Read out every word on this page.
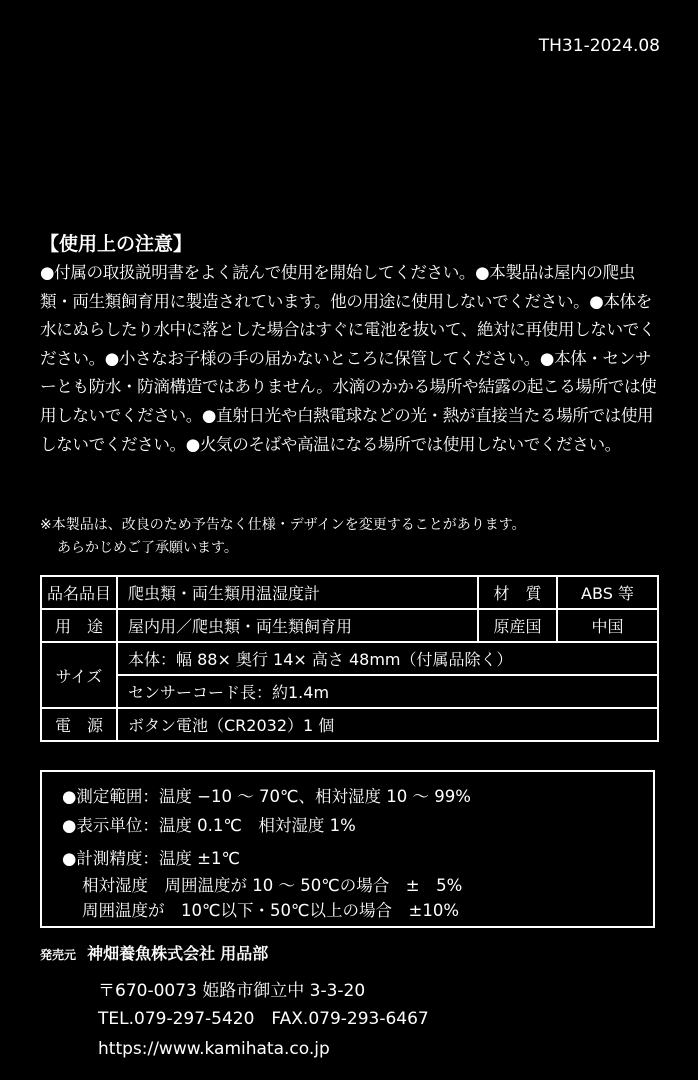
TH31-2024.08
【使用上の注意】
●付属の取扱説明書をよく読んで使用を開始してください。●本製品は屋内の爬虫類・両生類飼育用に製造されています。他の用途に使用しないでください。●本体を水にぬらしたり水中に落とした場合はすぐに電池を抜いて、絶対に再使用しないでください。●小さなお子様の手の届かないところに保管してください。●本体・センサーとも防水・防滴構造ではありません。水滴のかかる場所や結露の起こる場所では使用しないでください。●直射日光や白熱電球などの光・熱が直接当たる場所では使用しないでください。●火気のそばや高温になる場所では使用しないでください。
※本製品は、改良のため予告なく仕様・デザインを変更することがあります。
あらかじめご了承願います。
品名品目	爬虫類・両生類用温湿度計	材　質	ABS 等
用　途	屋内用／爬虫類・両生類飼育用	原産国	中国
サイズ	本体：幅 88× 奥行 14× 高さ 48mm（付属品除く）		
	センサーコード長：約1.4m		
電　源	ボタン電池（CR2032）1 個		
●測定範囲：温度 −10 ～ 70℃、相対湿度 10 ～ 99%
●表示単位：温度 0.1℃　相対湿度 1%
●計測精度：温度 ±1℃
相対湿度　周囲温度が 10 ～ 50℃の場合　±　5%
周囲温度が　10℃以下・50℃以上の場合　±10%
発売元 神畑養魚株式会社 用品部
〒670-0073 姫路市御立中 3-3-20
TEL.079-297-5420　FAX.079-293-6467
https://www.kamihata.co.jp
